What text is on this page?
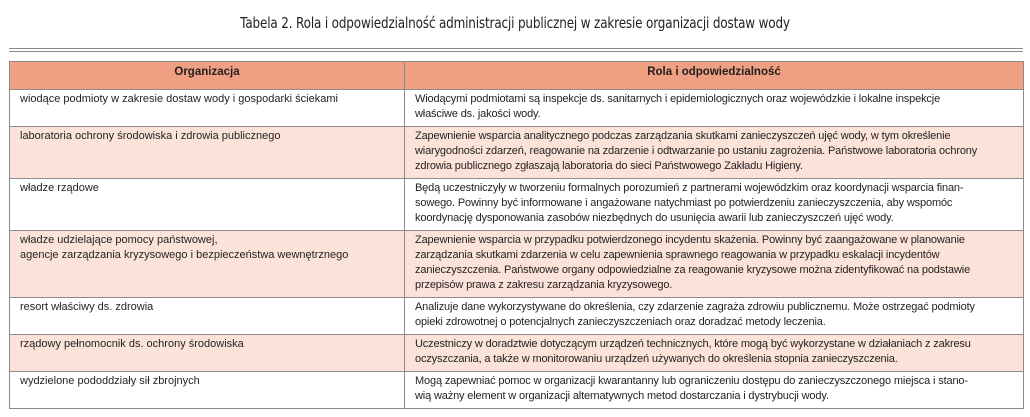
Tabela 2. Rola i odpowiedzialność administracji publicznej w zakresie organizacji dostaw wody
Organizacja	Rola i odpowiedzialność

wiodące podmioty w zakresie dostaw wody i gospodarki ściekami	Wiodącymi podmiotami są inspekcje ds. sanitarnych i epidemiologicznych oraz wojewódzkie i lokalne inspekcje
właściwe ds. jakości wody.

laboratoria ochrony środowiska i zdrowia publicznego	Zapewnienie wsparcia analitycznego podczas zarządzania skutkami zanieczyszczeń ujęć wody, w tym określenie
wiarygodności zdarzeń, reagowanie na zdarzenie i odtwarzanie po ustaniu zagrożenia. Państwowe laboratoria ochrony
zdrowia publicznego zgłaszają laboratoria do sieci Państwowego Zakładu Higieny.

władze rządowe	Będą uczestniczyły w tworzeniu formalnych porozumień z partnerami wojewódzkim oraz koordynacji wsparcia finan-
sowego. Powinny być informowane i angażowane natychmiast po potwierdzeniu zanieczyszczenia, aby wspomóc
koordynację dysponowania zasobów niezbędnych do usunięcia awarii lub zanieczyszczeń ujęć wody.

władze udzielające pomocy państwowej,
agencje zarządzania kryzysowego i bezpieczeństwa wewnętrznego	Zapewnienie wsparcia w przypadku potwierdzonego incydentu skażenia. Powinny być zaangażowane w planowanie
zarządzania skutkami zdarzenia w celu zapewnienia sprawnego reagowania w przypadku eskalacji incydentów
zanieczyszczenia. Państwowe organy odpowiedzialne za reagowanie kryzysowe można zidentyfikować na podstawie
przepisów prawa z zakresu zarządzania kryzysowego.

resort właściwy ds. zdrowia	Analizuje dane wykorzystywane do określenia, czy zdarzenie zagraża zdrowiu publicznemu. Może ostrzegać podmioty
opieki zdrowotnej o potencjalnych zanieczyszczeniach oraz doradzać metody leczenia.

rządowy pełnomocnik ds. ochrony środowiska	Uczestniczy w doradztwie dotyczącym urządzeń technicznych, które mogą być wykorzystane w działaniach z zakresu
oczyszczania, a także w monitorowaniu urządzeń używanych do określenia stopnia zanieczyszczenia.

wydzielone pododdziały sił zbrojnych	Mogą zapewniać pomoc w organizacji kwarantanny lub ograniczeniu dostępu do zanieczyszczonego miejsca i stano-
wią ważny element w organizacji alternatywnych metod dostarczania i dystrybucji wody.
